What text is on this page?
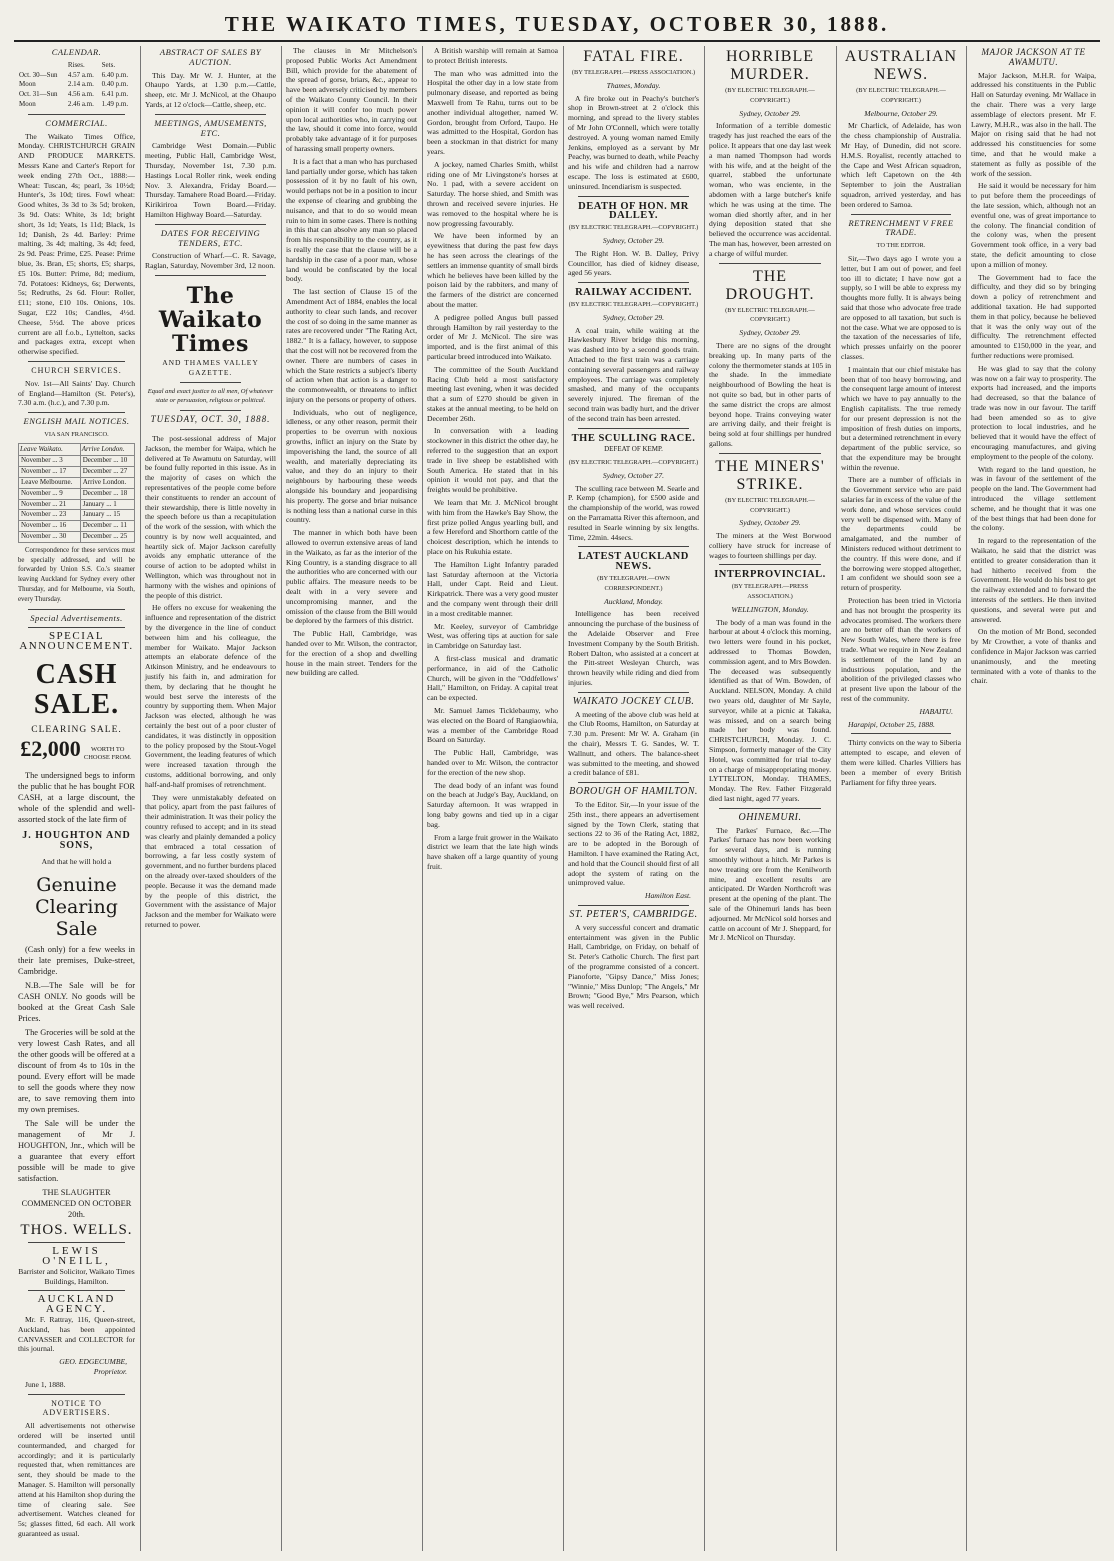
THE WAIKATO TIMES, TUESDAY, OCTOBER 30, 1888.
CALENDAR.
	Rises.	Sets.
Oct. 30—Sun	4.57 a.m.	6.40 p.m.
Moon	2.14 a.m.	0.40 p.m.
Oct. 31—Sun	4.56 a.m.	6.41 p.m.
Moon	2.46 a.m.	1.49 p.m.
COMMERCIAL.

The Waikato Times Office, Monday. CHRISTCHURCH GRAIN AND PRODUCE MARKETS. Messrs Kane and Carter's Report for week ending 27th Oct., 1888:—Wheat: Tuscan, 4s; pearl, 3s 10½d; Hunter's, 3s 10d; tires. Fowl wheat: Good whites, 3s 3d to 3s 5d; broken, 3s 9d. Oats: White, 3s 1d; bright short, 3s 1d; Yeats, 1s 11d; Black, 1s 1d; Danish, 2s 4d. Barley: Prime malting, 3s 4d; malting, 3s 4d; feed, 2s 9d. Peas: Prime, £25. Pease: Prime blue, 3s. Bran, £5; shorts, £5; sharps, £5 10s. Butter: Prime, 8d; medium, 7d. Potatoes: Kidneys, 6s; Derwents, 5s; Redruths, 2s 6d. Flour: Roller, £11; stone, £10 10s. Onions, 10s. Sugar, £22 10s; Candles, 4½d. Cheese, 5½d. The above prices current are all f.o.b., Lyttelton, sacks and packages extra, except when otherwise specified.

CHURCH SERVICES.

Nov. 1st—All Saints' Day. Church of England—Hamilton (St. Peter's), 7.30 a.m. (h.c.), and 7.30 p.m.

ENGLISH MAIL NOTICES.
VIA SAN FRANCISCO.
Leave Waikato.	Arrive London.
November ... 3	December ... 10
November ... 17	December ... 27
Leave Melbourne.	Arrive London.
November ... 9	December ... 18
November ... 21	January ... 1
November ... 23	January ... 15
November ... 16	December ... 11
November ... 30	December ... 25

Correspondence for these services must be specially addressed, and will be forwarded by Union S.S. Co.'s steamer leaving Auckland for Sydney every other Thursday, and for Melbourne, via South, every Thursday.

Special Advertisements.
SPECIAL ANNOUNCEMENT.
CASH SALE.
CLEARING SALE.
£2,000 WORTH TO CHOOSE FROM.

The undersigned begs to inform the public that he has bought FOR CASH, at a large discount, the whole of the splendid and well-assorted stock of the late firm of

J. HOUGHTON AND SONS,

And that he will hold a

Genuine Clearing Sale

(Cash only) for a few weeks in their late premises, Duke-street, Cambridge.

N.B.—The Sale will be for CASH ONLY. No goods will be booked at the Great Cash Sale Prices.

The Groceries will be sold at the very lowest Cash Rates, and all the other goods will be offered at a discount of from 4s to 10s in the pound. Every effort will be made to sell the goods where they now are, to save removing them into my own premises.

The Sale will be under the management of Mr J. HOUGHTON, Jnr., which will be a guarantee that every effort possible will be made to give satisfaction.

THE SLAUGHTER COMMENCED ON OCTOBER 20th.

THOS. WELLS.
LEWIS O'NEILL,

Barrister and Solicitor, Waikato Times Buildings, Hamilton.

AUCKLAND AGENCY.

Mr. F. Rattray, 116, Queen-street, Auckland, has been appointed CANVASSER and COLLECTOR for this journal.

GEO. EDGECUMBE, Proprietor.

June 1, 1888.

NOTICE TO ADVERTISERS.

All advertisements not otherwise ordered will be inserted until countermanded, and charged for accordingly; and it is particularly requested that, when remittances are sent, they should be made to the Manager. S. Hamilton will personally attend at his Hamilton shop during the time of clearing sale. See advertisement. Watches cleaned for 5s; glasses fitted, 6d each. All work guaranteed as usual.

ABSTRACT OF SALES BY AUCTION.

This Day. Mr W. J. Hunter, at the Ohaupo Yards, at 1.30 p.m.—Cattle, sheep, etc. Mr J. McNicol, at the Ohaupo Yards, at 12 o'clock—Cattle, sheep, etc.

MEETINGS, AMUSEMENTS, ETC.

Cambridge West Domain.—Public meeting, Public Hall, Cambridge West, Thursday, November 1st, 7.30 p.m. Hastings Local Roller rink, week ending Nov. 3. Alexandra, Friday Board.—Thursday. Tamahere Road Board.—Friday. Kirikiriroa Town Board.—Friday. Hamilton Highway Board.—Saturday.

DATES FOR RECEIVING TENDERS, ETC.

Construction of Wharf.—C. R. Savage, Raglan, Saturday, November 3rd, 12 noon.

The Waikato Times
AND THAMES VALLEY GAZETTE.

Equal and exact justice to all men, Of whatever state or persuasion, religious or political.

TUESDAY, OCT. 30, 1888.

The post-sessional address of Major Jackson, the member for Waipa, which he delivered at Te Awamutu on Saturday, will be found fully reported in this issue. As in the majority of cases on which the representatives of the people come before their constituents to render an account of their stewardship, there is little novelty in the speech before us than a recapitulation of the work of the session, with which the country is by now well acquainted, and heartily sick of. Major Jackson carefully avoids any emphatic utterance of the course of action to be adopted whilst in Wellington, which was throughout not in harmony with the wishes and opinions of the people of this district.

He offers no excuse for weakening the influence and representation of the district by the divergence in the line of conduct between him and his colleague, the member for Waikato. Major Jackson attempts an elaborate defence of the Atkinson Ministry, and he endeavours to justify his faith in, and admiration for them, by declaring that he thought he would best serve the interests of the country by supporting them. When Major Jackson was elected, although he was certainly the best out of a poor cluster of candidates, it was distinctly in opposition to the policy proposed by the Stout-Vogel Government, the leading features of which were increased taxation through the customs, additional borrowing, and only half-and-half promises of retrenchment.

They were unmistakably defeated on that policy, apart from the past failures of their administration. It was their policy the country refused to accept; and in its stead was clearly and plainly demanded a policy that embraced a total cessation of borrowing, a far less costly system of government, and no further burdens placed on the already over-taxed shoulders of the people. Because it was the demand made by the people of this district, the Government with the assistance of Major Jackson and the member for Waikato were returned to power.

The clauses in Mr Mitchelson's proposed Public Works Act Amendment Bill, which provide for the abatement of the spread of gorse, briars, &c., appear to have been adversely criticised by members of the Waikato County Council. In their opinion it will confer too much power upon local authorities who, in carrying out the law, should it come into force, would probably take advantage of it for purposes of harassing small property owners.

It is a fact that a man who has purchased land partially under gorse, which has taken possession of it by no fault of his own, would perhaps not be in a position to incur the expense of clearing and grubbing the nuisance, and that to do so would mean ruin to him in some cases. There is nothing in this that can absolve any man so placed from his responsibility to the country, as it is really the case that the clause will be a hardship in the case of a poor man, whose land would be confiscated by the local body.

The last section of Clause 15 of the Amendment Act of 1884, enables the local authority to clear such lands, and recover the cost of so doing in the same manner as rates are recovered under "The Rating Act, 1882." It is a fallacy, however, to suppose that the cost will not be recovered from the owner. There are numbers of cases in which the State restricts a subject's liberty of action when that action is a danger to the commonwealth, or threatens to inflict injury on the persons or property of others.

Individuals, who out of negligence, idleness, or any other reason, permit their properties to be overrun with noxious growths, inflict an injury on the State by impoverishing the land, the source of all wealth, and materially depreciating its value, and they do an injury to their neighbours by harbouring these weeds alongside his boundary and jeopardising his property. The gorse and briar nuisance is nothing less than a national curse in this country.

The manner in which both have been allowed to overrun extensive areas of land in the Waikato, as far as the interior of the King Country, is a standing disgrace to all the authorities who are concerned with our public affairs. The measure needs to be dealt with in a very severe and uncompromising manner, and the omission of the clause from the Bill would be deplored by the farmers of this district.

The Public Hall, Cambridge, was handed over to Mr. Wilson, the contractor, for the erection of a shop and dwelling house in the main street. Tenders for the new building are called.

A British warship will remain at Samoa to protect British interests.

The man who was admitted into the Hospital the other day in a low state from pulmonary disease, and reported as being Maxwell from Te Rahu, turns out to be another individual altogether, named W. Gordon, brought from Orford, Taupo. He was admitted to the Hospital, Gordon has been a stockman in that district for many years.

A jockey, named Charles Smith, whilst riding one of Mr Livingstone's horses at No. 1 pad, with a severe accident on Saturday. The horse shied, and Smith was thrown and received severe injuries. He was removed to the hospital where he is now progressing favourably.

We have been informed by an eyewitness that during the past few days he has seen across the clearings of the settlers an immense quantity of small birds which he believes have been killed by the poison laid by the rabbiters, and many of the farmers of the district are concerned about the matter.

A pedigree polled Angus bull passed through Hamilton by rail yesterday to the order of Mr J. McNicol. The sire was imported, and is the first animal of this particular breed introduced into Waikato.

The committee of the South Auckland Racing Club held a most satisfactory meeting last evening, when it was decided that a sum of £270 should be given in stakes at the annual meeting, to be held on December 26th.

In conversation with a leading stockowner in this district the other day, he referred to the suggestion that an export trade in live sheep be established with South America. He stated that in his opinion it would not pay, and that the freights would be prohibitive.

We learn that Mr. J. McNicol brought with him from the Hawke's Bay Show, the first prize polled Angus yearling bull, and a few Hereford and Shorthorn cattle of the choicest description, which he intends to place on his Rukuhia estate.

The Hamilton Light Infantry paraded last Saturday afternoon at the Victoria Hall, under Capt. Reid and Lieut. Kirkpatrick. There was a very good muster and the company went through their drill in a most creditable manner.

Mr. Keeley, surveyor of Cambridge West, was offering tips at auction for sale in Cambridge on Saturday last.

A first-class musical and dramatic performance, in aid of the Catholic Church, will be given in the "Oddfellows' Hall," Hamilton, on Friday. A capital treat can be expected.

Mr. Samuel James Ticklebaumy, who was elected on the Board of Rangiaowhia, was a member of the Cambridge Road Board on Saturday.

The Public Hall, Cambridge, was handed over to Mr. Wilson, the contractor for the erection of the new shop.

The dead body of an infant was found on the beach at Judge's Bay, Auckland, on Saturday afternoon. It was wrapped in long baby gowns and tied up in a cigar bag.

From a large fruit grower in the Waikato district we learn that the late high winds have shaken off a large quantity of young fruit.

FATAL FIRE.
(BY TELEGRAPH.—PRESS ASSOCIATION.)

Thames, Monday.

A fire broke out in Peachy's butcher's shop in Brown-street at 2 o'clock this morning, and spread to the livery stables of Mr John O'Connell, which were totally destroyed. A young woman named Emily Jenkins, employed as a servant by Mr Peachy, was burned to death, while Peachy and his wife and children had a narrow escape. The loss is estimated at £600, uninsured. Incendiarism is suspected.

DEATH OF HON. MR DALLEY.
(BY ELECTRIC TELEGRAPH.—COPYRIGHT.)

Sydney, October 29.

The Right Hon. W. B. Dalley, Privy Councillor, has died of kidney disease, aged 56 years.

RAILWAY ACCIDENT.
(BY ELECTRIC TELEGRAPH.—COPYRIGHT.)

Sydney, October 29.

A coal train, while waiting at the Hawkesbury River bridge this morning, was dashed into by a second goods train. Attached to the first train was a carriage containing several passengers and railway employees. The carriage was completely smashed, and many of the occupants severely injured. The fireman of the second train was badly hurt, and the driver of the second train has been arrested.

THE SCULLING RACE.
DEFEAT OF KEMP.
(BY ELECTRIC TELEGRAPH.—COPYRIGHT.)

Sydney, October 27.

The sculling race between M. Searle and P. Kemp (champion), for £500 aside and the championship of the world, was rowed on the Parramatta River this afternoon, and resulted in Searle winning by six lengths. Time, 22min. 44secs.

LATEST AUCKLAND NEWS.
(BY TELEGRAPH.—OWN CORRESPONDENT.)

Auckland, Monday.

Intelligence has been received announcing the purchase of the business of the Adelaide Observer and Free Investment Company by the South British. Robert Dalton, who assisted at a concert at the Pitt-street Wesleyan Church, was thrown heavily while riding and died from injuries.

WAIKATO JOCKEY CLUB.

A meeting of the above club was held at the Club Rooms, Hamilton, on Saturday at 7.30 p.m. Present: Mr W. A. Graham (in the chair), Messrs T. G. Sandes, W. T. Wallnutt, and others. The balance-sheet was submitted to the meeting, and showed a credit balance of £81.

BOROUGH OF HAMILTON.

To the Editor. Sir,—In your issue of the 25th inst., there appears an advertisement signed by the Town Clerk, stating that sections 22 to 36 of the Rating Act, 1882, are to be adopted in the Borough of Hamilton. I have examined the Rating Act, and hold that the Council should first of all adopt the system of rating on the unimproved value.

Hamilton East.

ST. PETER'S, CAMBRIDGE.

A very successful concert and dramatic entertainment was given in the Public Hall, Cambridge, on Friday, on behalf of St. Peter's Catholic Church. The first part of the programme consisted of a concert. Pianoforte, "Gipsy Dance," Miss Jones; "Winnie," Miss Dunlop; "The Angels," Mr Brown; "Good Bye," Mrs Pearson, which was well received.

HORRIBLE MURDER.
(BY ELECTRIC TELEGRAPH.—COPYRIGHT.)

Sydney, October 29.

Information of a terrible domestic tragedy has just reached the ears of the police. It appears that one day last week a man named Thompson had words with his wife, and at the height of the quarrel, stabbed the unfortunate woman, who was enciente, in the abdomen with a large butcher's knife which he was using at the time. The woman died shortly after, and in her dying deposition stated that she believed the occurrence was accidental. The man has, however, been arrested on a charge of wilful murder.

THE DROUGHT.
(BY ELECTRIC TELEGRAPH.—COPYRIGHT.)

Sydney, October 29.

There are no signs of the drought breaking up. In many parts of the colony the thermometer stands at 105 in the shade. In the immediate neighbourhood of Bowling the heat is not quite so bad, but in other parts of the same district the crops are almost beyond hope. Trains conveying water are arriving daily, and their freight is being sold at four shillings per hundred gallons.

THE MINERS' STRIKE.
(BY ELECTRIC TELEGRAPH.—COPYRIGHT.)

Sydney, October 29.

The miners at the West Borwood colliery have struck for increase of wages to fourteen shillings per day.

INTERPROVINCIAL.
(BY TELEGRAPH.—PRESS ASSOCIATION.)

WELLINGTON, Monday.

The body of a man was found in the harbour at about 4 o'clock this morning, two letters were found in his pocket, addressed to Thomas Bowden, commission agent, and to Mrs Bowden. The deceased was subsequently identified as that of Wm. Bowden, of Auckland. NELSON, Monday. A child two years old, daughter of Mr Sayle, surveyor, while at a picnic at Takaka, was missed, and on a search being made her body was found. CHRISTCHURCH, Monday. J. C. Simpson, formerly manager of the City Hotel, was committed for trial to-day on a charge of misappropriating money. LYTTELTON, Monday. THAMES, Monday. The Rev. Father Fitzgerald died last night, aged 77 years.

OHINEMURI.

The Parkes' Furnace, &c.—The Parkes' furnace has now been working for several days, and is running smoothly without a hitch. Mr Parkes is now treating ore from the Kenilworth mine, and excellent results are anticipated. Dr Warden Northcroft was present at the opening of the plant. The sale of the Ohinemuri lands has been adjourned. Mr McNicol sold horses and cattle on account of Mr J. Sheppard, for Mr J. McNicol on Thursday.

AUSTRALIAN NEWS.
(BY ELECTRIC TELEGRAPH.—COPYRIGHT.)

Melbourne, October 29.

Mr Charlick, of Adelaide, has won the chess championship of Australia. Mr Hay, of Dunedin, did not score. H.M.S. Royalist, recently attached to the Cape and West African squadron, which left Capetown on the 4th September to join the Australian squadron, arrived yesterday, and has been ordered to Samoa.

RETRENCHMENT V FREE TRADE.
TO THE EDITOR.

Sir,—Two days ago I wrote you a letter, but I am out of power, and feel too ill to dictate; I have now got a supply, so I will be able to express my thoughts more fully. It is always being said that those who advocate free trade are opposed to all taxation, but such is not the case. What we are opposed to is the taxation of the necessaries of life, which presses unfairly on the poorer classes.

I maintain that our chief mistake has been that of too heavy borrowing, and the consequent large amount of interest which we have to pay annually to the English capitalists. The true remedy for our present depression is not the imposition of fresh duties on imports, but a determined retrenchment in every department of the public service, so that the expenditure may be brought within the revenue.

There are a number of officials in the Government service who are paid salaries far in excess of the value of the work done, and whose services could very well be dispensed with. Many of the departments could be amalgamated, and the number of Ministers reduced without detriment to the country. If this were done, and if the borrowing were stopped altogether, I am confident we should soon see a return of prosperity.

Protection has been tried in Victoria and has not brought the prosperity its advocates promised. The workers there are no better off than the workers of New South Wales, where there is free trade. What we require in New Zealand is settlement of the land by an industrious population, and the abolition of the privileged classes who at present live upon the labour of the rest of the community.

HABAITU.

Harapipi, October 25, 1888.

Thirty convicts on the way to Siberia attempted to escape, and eleven of them were killed. Charles Villiers has been a member of every British Parliament for fifty three years.

MAJOR JACKSON AT TE AWAMUTU.

Major Jackson, M.H.R. for Waipa, addressed his constituents in the Public Hall on Saturday evening. Mr Wallace in the chair. There was a very large assemblage of electors present. Mr F. Lawry, M.H.R., was also in the hall. The Major on rising said that he had not addressed his constituencies for some time, and that he would make a statement as fully as possible of the work of the session.

He said it would be necessary for him to put before them the proceedings of the late session, which, although not an eventful one, was of great importance to the colony. The financial condition of the colony was, when the present Government took office, in a very bad state, the deficit amounting to close upon a million of money.

The Government had to face the difficulty, and they did so by bringing down a policy of retrenchment and additional taxation. He had supported them in that policy, because he believed that it was the only way out of the difficulty. The retrenchment effected amounted to £150,000 in the year, and further reductions were promised.

He was glad to say that the colony was now on a fair way to prosperity. The exports had increased, and the imports had decreased, so that the balance of trade was now in our favour. The tariff had been amended so as to give protection to local industries, and he believed that it would have the effect of encouraging manufactures, and giving employment to the people of the colony.

With regard to the land question, he was in favour of the settlement of the people on the land. The Government had introduced the village settlement scheme, and he thought that it was one of the best things that had been done for the colony.

In regard to the representation of the Waikato, he said that the district was entitled to greater consideration than it had hitherto received from the Government. He would do his best to get the railway extended and to forward the interests of the settlers. He then invited questions, and several were put and answered.

On the motion of Mr Bond, seconded by Mr Crowther, a vote of thanks and confidence in Major Jackson was carried unanimously, and the meeting terminated with a vote of thanks to the chair.
